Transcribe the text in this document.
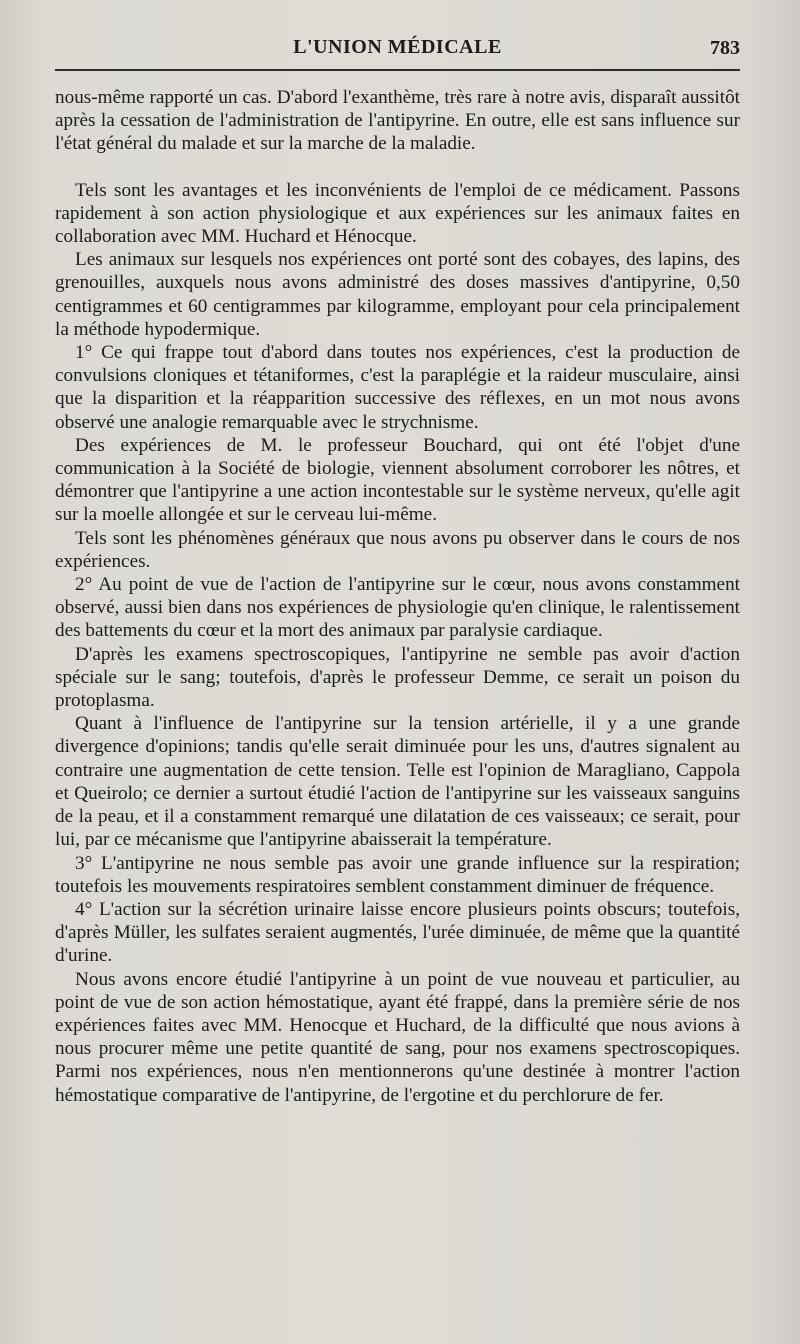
L'UNION MÉDICALE	783

nous-même rapporté un cas. D'abord l'exanthème, très rare à notre avis, disparaît aussitôt après la cessation de l'administration de l'antipyrine. En outre, elle est sans influence sur l'état général du malade et sur la marche de la maladie.

Tels sont les avantages et les inconvénients de l'emploi de ce médicament. Passons rapidement à son action physiologique et aux expériences sur les animaux faites en collaboration avec MM. Huchard et Hénocque.

Les animaux sur lesquels nos expériences ont porté sont des cobayes, des lapins, des grenouilles, auxquels nous avons administré des doses massives d'antipyrine, 0,50 centigrammes et 60 centigrammes par kilogramme, employant pour cela principalement la méthode hypodermique.

1° Ce qui frappe tout d'abord dans toutes nos expériences, c'est la production de convulsions cloniques et tétaniformes, c'est la paraplégie et la raideur musculaire, ainsi que la disparition et la réapparition successive des réflexes, en un mot nous avons observé une analogie remarquable avec le strychnisme.

Des expériences de M. le professeur Bouchard, qui ont été l'objet d'une communication à la Société de biologie, viennent absolument corroborer les nôtres, et démontrer que l'antipyrine a une action incontestable sur le système nerveux, qu'elle agit sur la moelle allongée et sur le cerveau lui-même.

Tels sont les phénomènes généraux que nous avons pu observer dans le cours de nos expériences.

2° Au point de vue de l'action de l'antipyrine sur le cœur, nous avons constamment observé, aussi bien dans nos expériences de physiologie qu'en clinique, le ralentissement des battements du cœur et la mort des animaux par paralysie cardiaque.

D'après les examens spectroscopiques, l'antipyrine ne semble pas avoir d'action spéciale sur le sang; toutefois, d'après le professeur Demme, ce serait un poison du protoplasma.

Quant à l'influence de l'antipyrine sur la tension artérielle, il y a une grande divergence d'opinions; tandis qu'elle serait diminuée pour les uns, d'autres signalent au contraire une augmentation de cette tension. Telle est l'opinion de Maragliano, Cappola et Queirolo; ce dernier a surtout étudié l'action de l'antipyrine sur les vaisseaux sanguins de la peau, et il a constamment remarqué une dilatation de ces vaisseaux; ce serait, pour lui, par ce mécanisme que l'antipyrine abaisserait la température.

3° L'antipyrine ne nous semble pas avoir une grande influence sur la respiration; toutefois les mouvements respiratoires semblent constamment diminuer de fréquence.

4° L'action sur la sécrétion urinaire laisse encore plusieurs points obscurs; toutefois, d'après Müller, les sulfates seraient augmentés, l'urée diminuée, de même que la quantité d'urine.

Nous avons encore étudié l'antipyrine à un point de vue nouveau et particulier, au point de vue de son action hémostatique, ayant été frappé, dans la première série de nos expériences faites avec MM. Henocque et Huchard, de la difficulté que nous avions à nous procurer même une petite quantité de sang, pour nos examens spectroscopiques. Parmi nos expériences, nous n'en mentionnerons qu'une destinée à montrer l'action hémostatique comparative de l'antipyrine, de l'ergotine et du perchlorure de fer.
